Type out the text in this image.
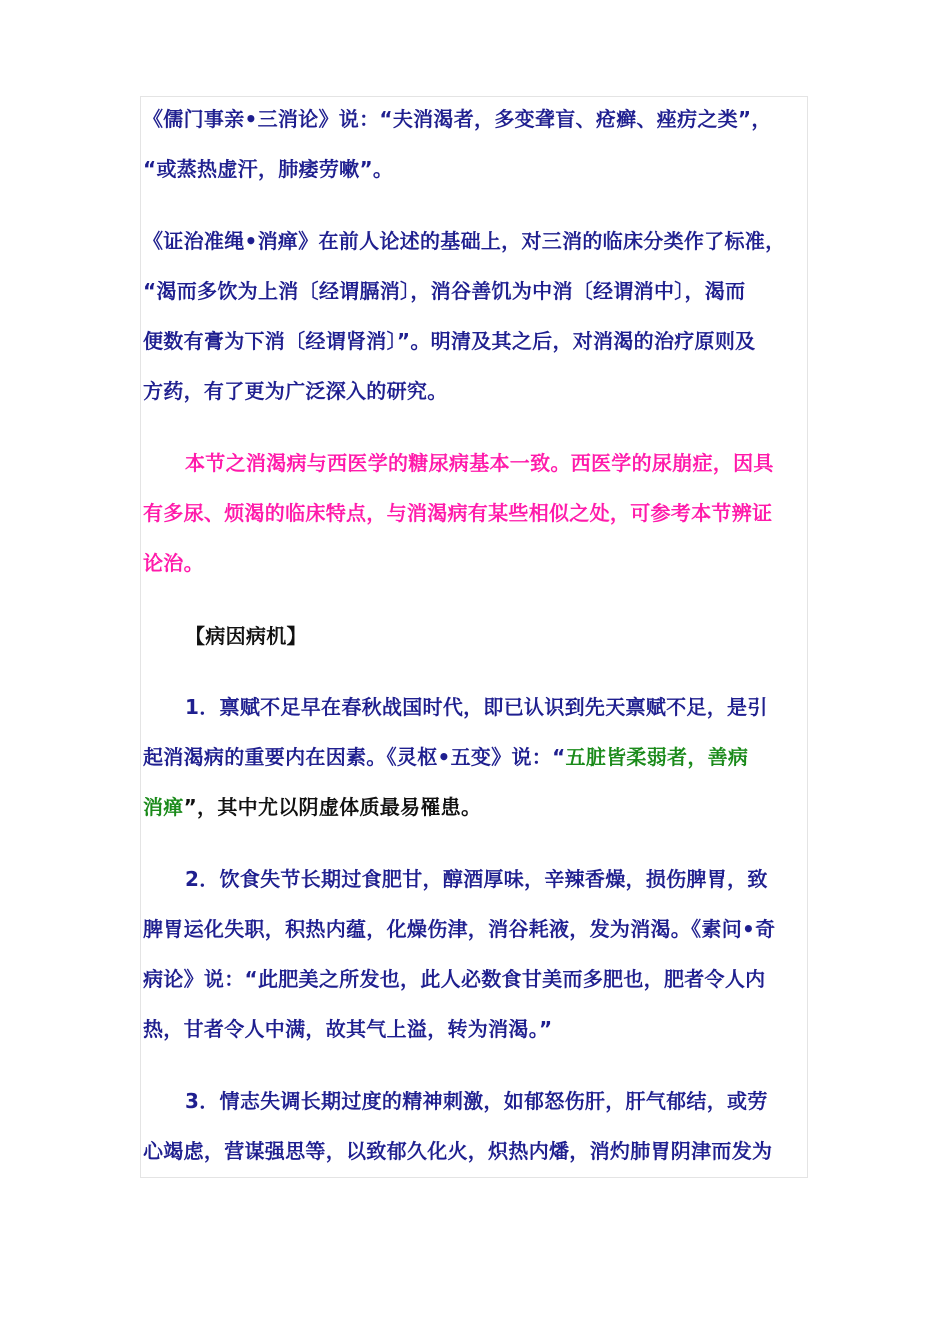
《儒门事亲•三消论》说：“夫消渴者，多变聋盲、疮癣、痤疠之类”，
“或蒸热虚汗，肺痿劳嗽”。
《证治准绳•消瘅》在前人论述的基础上，对三消的临床分类作了标准，
“渴而多饮为上消〔经谓膈消〕，消谷善饥为中消〔经谓消中〕，渴而
便数有膏为下消〔经谓肾消〕”。明清及其之后，对消渴的治疗原则及
方药，有了更为广泛深入的研究。
本节之消渴病与西医学的糖尿病基本一致。西医学的尿崩症，因具
有多尿、烦渴的临床特点，与消渴病有某些相似之处，可参考本节辨证
论治。
【病因病机】
1．禀赋不足早在春秋战国时代，即已认识到先天禀赋不足，是引
起消渴病的重要内在因素。《灵枢•五变》说：“五脏皆柔弱者，善病
消瘅”，其中尤以阴虚体质最易罹患。
2．饮食失节长期过食肥甘，醇酒厚味，辛辣香燥，损伤脾胃，致
脾胃运化失职，积热内蕴，化燥伤津，消谷耗液，发为消渴。《素问•奇
病论》说：“此肥美之所发也，此人必数食甘美而多肥也，肥者令人内
热，甘者令人中满，故其气上溢，转为消渴。”
3．情志失调长期过度的精神刺激，如郁怒伤肝，肝气郁结，或劳
心竭虑，营谋强思等，以致郁久化火，炽热内燔，消灼肺胃阴津而发为
